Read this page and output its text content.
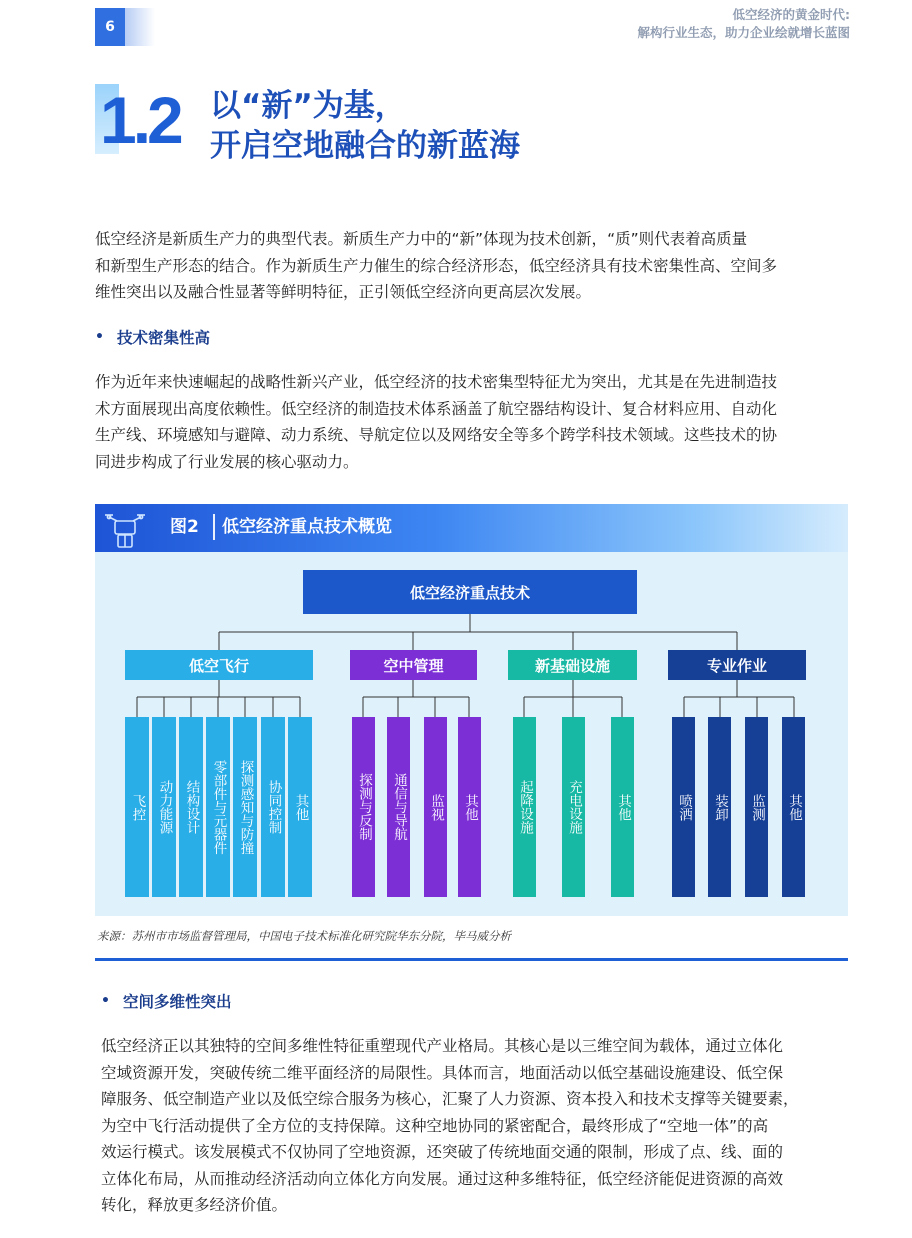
6
低空经济的黄金时代:
解构行业生态，助力企业绘就增长蓝图
1.2 以“新”为基，
开启空地融合的新蓝海
低空经济是新质生产力的典型代表。新质生产力中的“新”体现为技术创新，“质”则代表着高质量
和新型生产形态的结合。作为新质生产力催生的综合经济形态，低空经济具有技术密集性高、空间多
维性突出以及融合性显著等鲜明特征，正引领低空经济向更高层次发展。
• 技术密集性高
作为近年来快速崛起的战略性新兴产业，低空经济的技术密集型特征尤为突出，尤其是在先进制造技
术方面展现出高度依赖性。低空经济的制造技术体系涵盖了航空器结构设计、复合材料应用、自动化
生产线、环境感知与避障、动力系统、导航定位以及网络安全等多个跨学科技术领域。这些技术的协
同进步构成了行业发展的核心驱动力。
图2 低空经济重点技术概览
低空经济重点技术
低空飞行	空中管理	新基础设施	专业作业
飞控 动力能源 结构设计 零部件与元器件 探测感知与防撞 协同控制 其他	探测与反制 通信与导航 监视 其他	起降设施 充电设施 其他	喷洒 装卸 监测 其他
来源：苏州市市场监督管理局，中国电子技术标准化研究院华东分院，毕马威分析
• 空间多维性突出
低空经济正以其独特的空间多维性特征重塑现代产业格局。其核心是以三维空间为载体，通过立体化
空域资源开发，突破传统二维平面经济的局限性。具体而言，地面活动以低空基础设施建设、低空保
障服务、低空制造产业以及低空综合服务为核心，汇聚了人力资源、资本投入和技术支撑等关键要素，
为空中飞行活动提供了全方位的支持保障。这种空地协同的紧密配合，最终形成了“空地一体”的高
效运行模式。该发展模式不仅协同了空地资源，还突破了传统地面交通的限制，形成了点、线、面的
立体化布局，从而推动经济活动向立体化方向发展。通过这种多维特征，低空经济能促进资源的高效
转化，释放更多经济价值。
